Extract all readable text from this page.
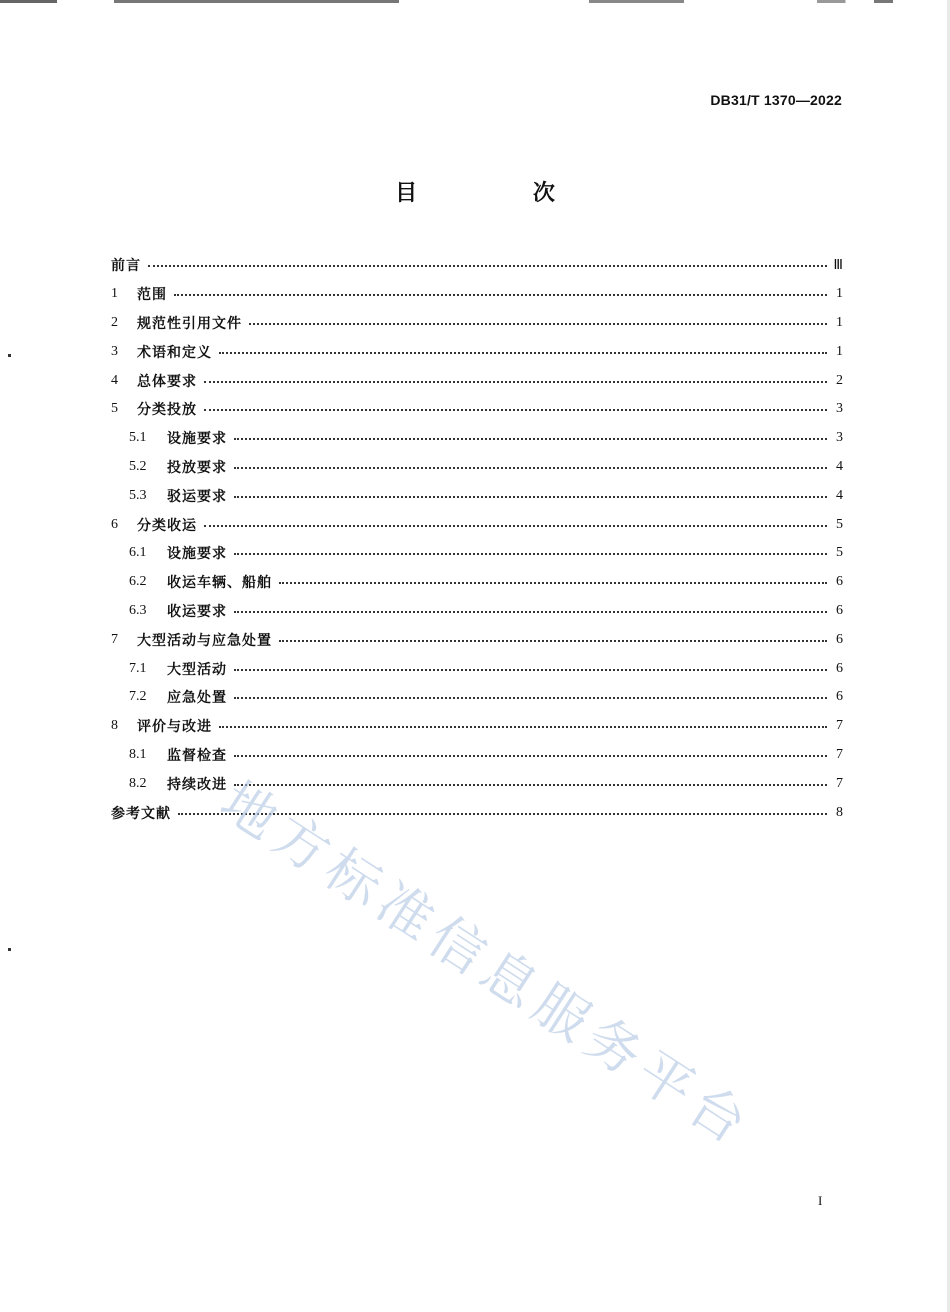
DB31/T 1370—2022
目 次
前言	Ⅲ
1	范围	1
2	规范性引用文件	1
3	术语和定义	1
4	总体要求	2
5	分类投放	3
5.1	设施要求	3
5.2	投放要求	4
5.3	驳运要求	4
6	分类收运	5
6.1	设施要求	5
6.2	收运车辆、船舶	6
6.3	收运要求	6
7	大型活动与应急处置	6
7.1	大型活动	6
7.2	应急处置	6
8	评价与改进	7
8.1	监督检查	7
8.2	持续改进	7
参考文献	8
地方标准信息服务平台
I
